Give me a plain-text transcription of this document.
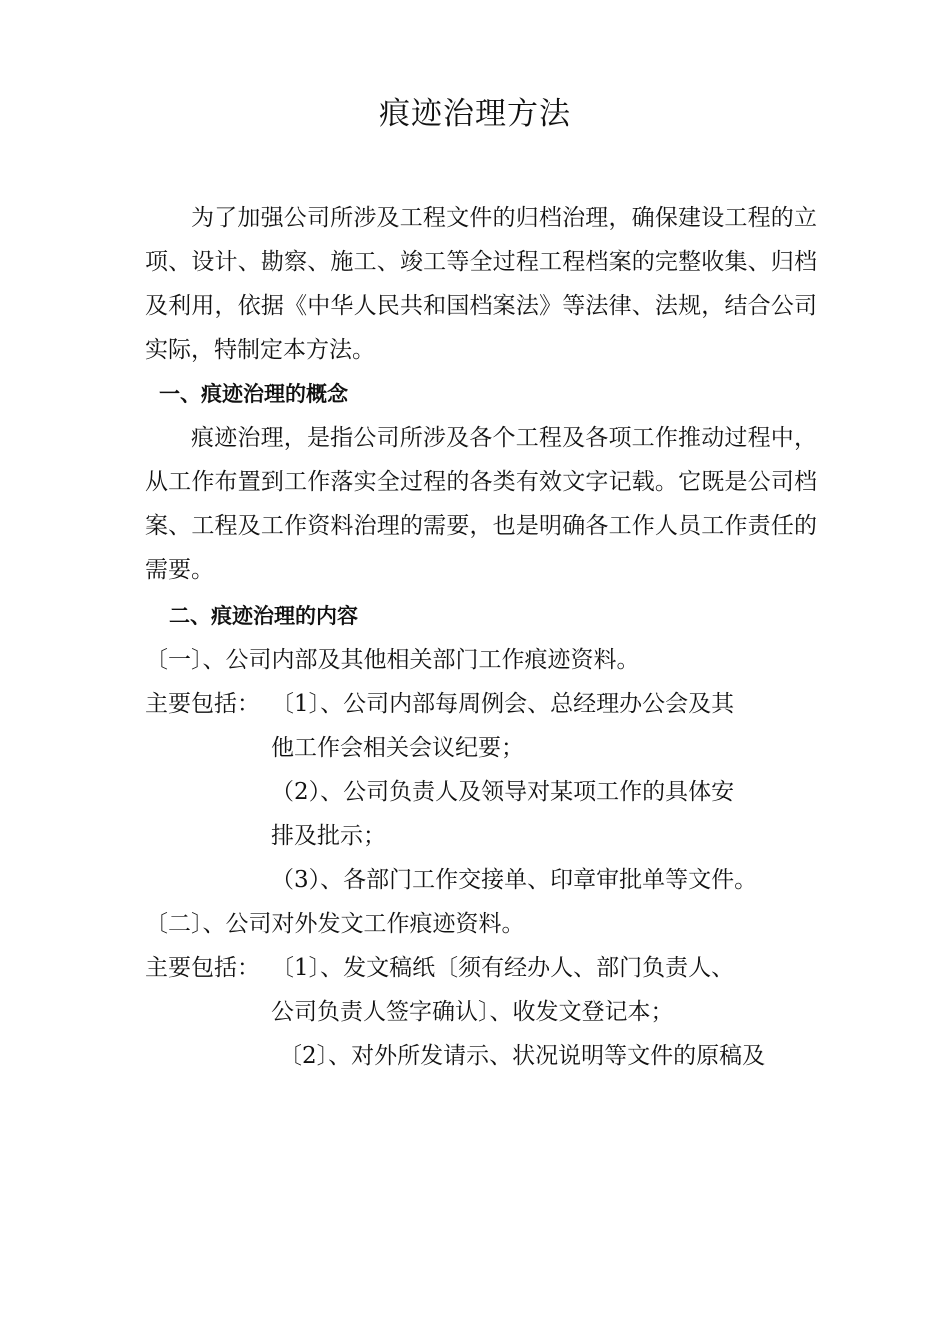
痕迹治理方法

为了加强公司所涉及工程文件的归档治理，确保建设工程的立项、设计、勘察、施工、竣工等全过程工程档案的完整收集、归档及利用，依据《中华人民共和国档案法》等法律、法规，结合公司实际，特制定本方法。

一、痕迹治理的概念

痕迹治理，是指公司所涉及各个工程及各项工作推动过程中，从工作布置到工作落实全过程的各类有效文字记载。它既是公司档案、工程及工作资料治理的需要，也是明确各工作人员工作责任的需要。

二、痕迹治理的内容

〔一〕、公司内部及其他相关部门工作痕迹资料。

主要包括： 〔1〕、公司内部每周例会、总经理办公会及其
他工作会相关会议纪要；
（2）、公司负责人及领导对某项工作的具体安
排及批示；
（3）、各部门工作交接单、印章审批单等文件。

〔二〕、公司对外发文工作痕迹资料。

主要包括： 〔1〕、发文稿纸〔须有经办人、部门负责人、
公司负责人签字确认〕、收发文登记本；
〔2〕、对外所发请示、状况说明等文件的原稿及
